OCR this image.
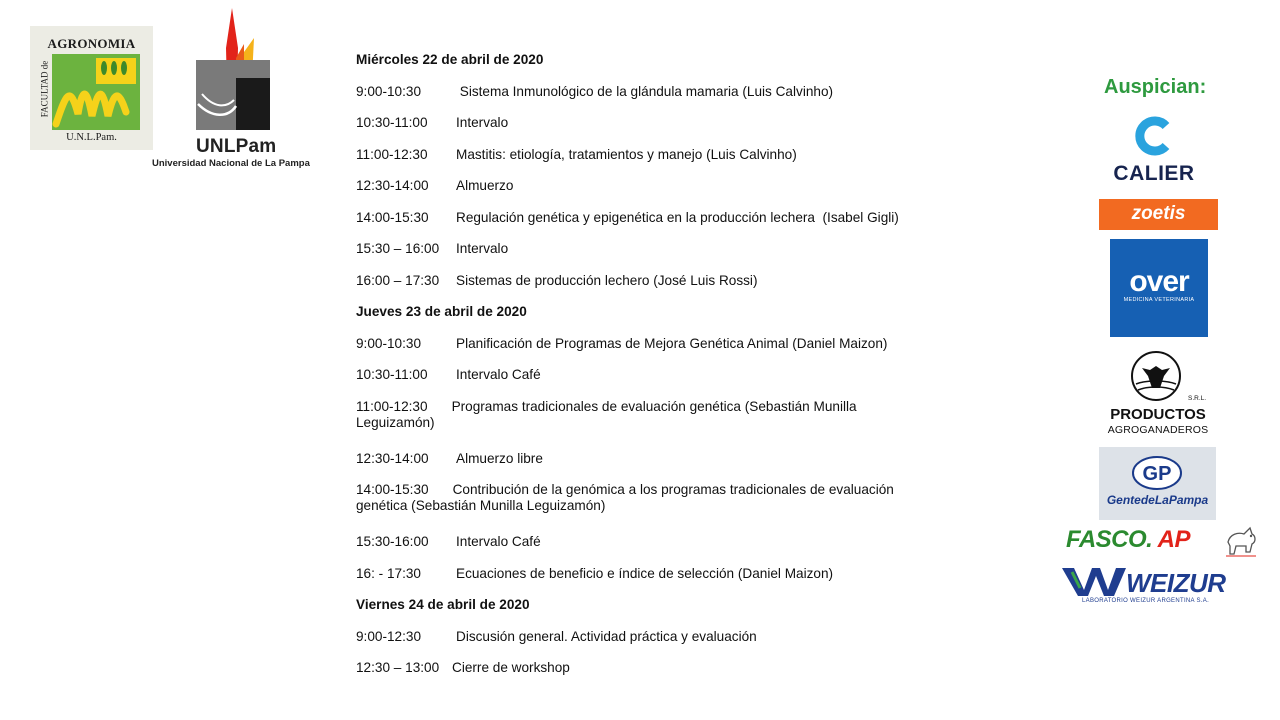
AGRONOMIA
FACULTAD de
U.N.L.Pam.	UNLPam
Universidad Nacional de La Pampa
Miércoles 22 de abril de 2020
9:00-10:30	Sistema Inmunológico de la glándula mamaria (Luis Calvinho)
10:30-11:00 Intervalo
11:00-12:30 Mastitis: etiología, tratamientos y manejo (Luis Calvinho)
12:30-14:00 Almuerzo
14:00-15:30 Regulación genética y epigenética en la producción lechera  (Isabel Gigli)
15:30 – 16:00 Intervalo
16:00 – 17:30 Sistemas de producción lechero (José Luis Rossi)
Jueves 23 de abril de 2020
9:00-10:30	Planificación de Programas de Mejora Genética Animal (Daniel Maizon)
10:30-11:00 Intervalo Café
11:00-12:30 Programas tradicionales de evaluación genética (Sebastián Munilla Leguizamón)
12:30-14:00 Almuerzo libre
14:00-15:30 Contribución de la genómica a los programas tradicionales de evaluación genética (Sebastián Munilla Leguizamón)
15:30-16:00 Intervalo Café
16: - 17:30	Ecuaciones de beneficio e índice de selección (Daniel Maizon)
Viernes 24 de abril de 2020
9:00-12:30	Discusión general. Actividad práctica y evaluación
12:30 – 13:00 Cierre de workshop
Auspician:
CALIER
zoetis
over
MEDICINA VETERINARIA
S.R.L.
PRODUCTOS
AGROGANADEROS
GP
GentedeLaPampa
FASCO. AP
WEIZUR
LABORATORIO WEIZUR ARGENTINA S.A.
